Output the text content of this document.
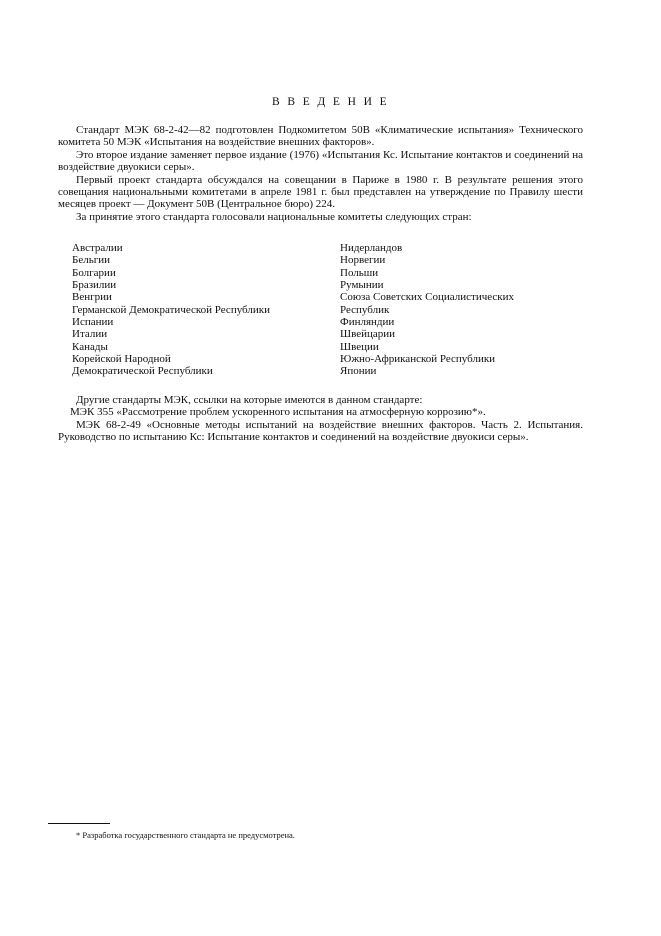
В В Е Д Е Н И Е

Стандарт МЭК 68-2-42—82 подготовлен Подкомитетом 50В «Климатические испытания» Технического комитета 50 МЭК «Испытания на воздействие внешних факторов».

Это второе издание заменяет первое издание (1976) «Испытания Кс. Испытание контактов и соединений на воздействие двуокиси серы».

Первый проект стандарта обсуждался на совещании в Париже в 1980 г. В результате решения этого совещания национальными комитетами в апреле 1981 г. был представлен на утверждение по Правилу шести месяцев проект — Документ 50В (Центральное бюро) 224.

За принятие этого стандарта голосовали национальные комитеты следующих стран:

Австралии
Бельгии
Болгарии
Бразилии
Венгрии
Германской Демократической Республики
Испании
Италии
Канады
Корейской Народной
Демократической Республики
Нидерландов
Норвегии
Польши
Румынии
Союза Советских Социалистических
Республик
Финляндии
Швейцарии
Швеции
Южно-Африканской Республики
Японии

Другие стандарты МЭК, ссылки на которые имеются в данном стандарте:

МЭК 355 «Рассмотрение проблем ускоренного испытания на атмосферную коррозию*».

МЭК 68-2-49 «Основные методы испытаний на воздействие внешних факторов. Часть 2. Испытания. Руководство по испытанию Кс: Испытание контактов и соединений на воздействие двуокиси серы».

* Разработка государственного стандарта не предусмотрена.
